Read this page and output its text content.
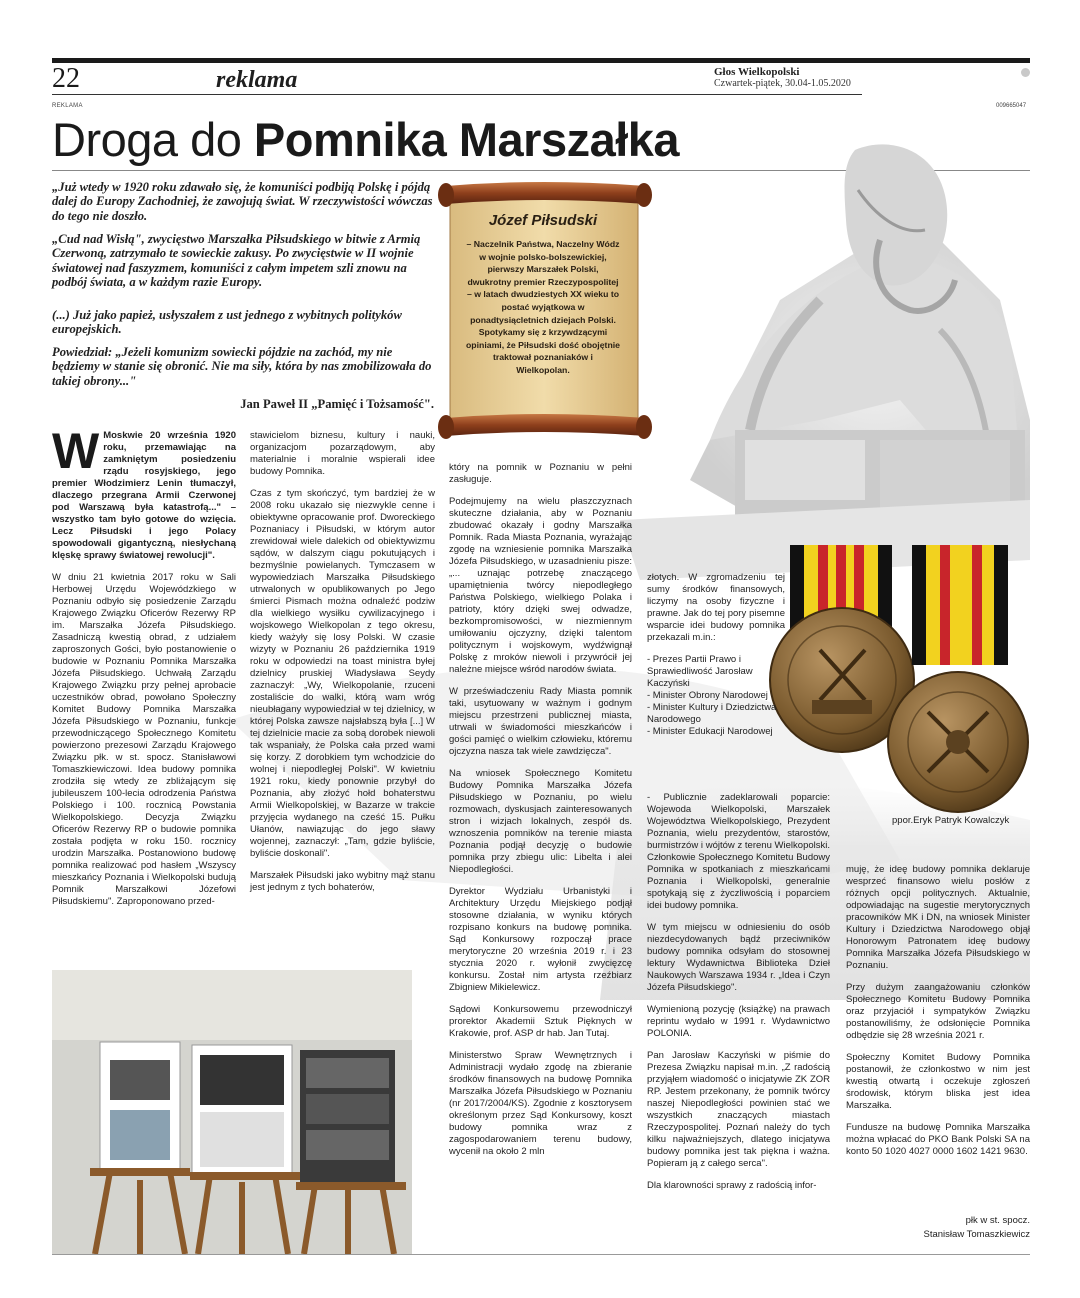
22	reklama	Głos Wielkopolski
Czwartek-piątek, 30.04-1.05.2020
REKLAMA	009665047
Droga do Pomnika Marszałka
„Już wtedy w 1920 roku zdawało się, że komuniści podbiją Polskę i pójdą dalej do Europy Zachodniej, że zawojują świat. W rzeczywistości wówczas do tego nie doszło.
„Cud nad Wisłą", zwycięstwo Marszałka Piłsudskiego w bitwie z Armią Czerwoną, zatrzymało te sowieckie zakusy. Po zwycięstwie w II wojnie światowej nad faszyzmem, komuniści z całym impetem szli znowu na podbój świata, a w każdym razie Europy.
(...) Już jako papież, usłyszałem z ust jednego z wybitnych polityków europejskich.
Powiedział: „Jeżeli komunizm sowiecki pójdzie na zachód, my nie będziemy w stanie się obronić. Nie ma siły, która by nas zmobilizowała do takiej obrony..."
Jan Paweł II „Pamięć i Tożsamość".
Józef Piłsudski
– Naczelnik Państwa, Naczelny Wódz w wojnie polsko-bolszewickiej, pierwszy Marszałek Polski, dwukrotny premier Rzeczypospolitej – w latach dwudziestych XX wieku to postać wyjątkowa w ponadtysiącletnich dziejach Polski. Spotykamy się z krzywdzącymi opiniami, że Piłsudski dość obojętnie traktował poznaniaków i Wielkopolan.

W Moskwie 20 września 1920 roku, przemawiając na zamkniętym posiedzeniu rządu rosyjskiego, jego premier Włodzimierz Lenin tłumaczył, dlaczego przegrana Armii Czerwonej pod Warszawą była katastrofą..." – wszystko tam było gotowe do wzięcia. Lecz Piłsudski i jego Polacy spowodowali gigantyczną, niesłychaną klęskę sprawy światowej rewolucji".

W dniu 21 kwietnia 2017 roku w Sali Herbowej Urzędu Wojewódzkiego w Poznaniu odbyło się posiedzenie Zarządu Krajowego Związku Oficerów Rezerwy RP im. Marszałka Józefa Piłsudskiego. Zasadniczą kwestią obrad, z udziałem zaproszonych Gości, było postanowienie o budowie w Poznaniu Pomnika Marszałka Józefa Piłsudskiego. Uchwałą Zarządu Krajowego Związku przy pełnej aprobacie uczestników obrad, powołano Społeczny Komitet Budowy Pomnika Marszałka Józefa Piłsudskiego w Poznaniu, funkcje przewodniczącego Społecznego Komitetu powierzono prezesowi Zarządu Krajowego Związku płk. w st. spocz. Stanisławowi Tomaszkiewiczowi. Idea budowy pomnika zrodziła się wtedy ze zbliżającym się jubileuszem 100-lecia odrodzenia Państwa Polskiego i 100. rocznicą Powstania Wielkopolskiego. Decyzja Związku Oficerów Rezerwy RP o budowie pomnika została podjęta w roku 150. rocznicy urodzin Marszałka. Postanowiono budowę pomnika realizować pod hasłem „Wszyscy mieszkańcy Poznania i Wielkopolski budują Pomnik Marszałkowi Józefowi Piłsudskiemu". Zaproponowano przed-

stawicielom biznesu, kultury i nauki, organizacjom pozarządowym, aby materialnie i moralnie wspierali idee budowy Pomnika.

Czas z tym skończyć, tym bardziej że w 2008 roku ukazało się niezwykle cenne i obiektywne opracowanie prof. Dworeckiego Poznaniacy i Piłsudski, w którym autor zrewidował wiele dalekich od obiektywizmu sądów, w dalszym ciągu pokutujących i bezmyślnie powielanych. Tymczasem w wypowiedziach Marszałka Piłsudskiego utrwalonych w opublikowanych po Jego śmierci Pismach można odnaleźć podziw dla wielkiego wysiłku cywilizacyjnego i wojskowego Wielkopolan z tego okresu, kiedy ważyły się losy Polski. W czasie wizyty w Poznaniu 26 października 1919 roku w odpowiedzi na toast ministra byłej dzielnicy pruskiej Władysława Seydy zaznaczył: „Wy, Wielkopolanie, rzuceni zostaliście do walki, którą wam wróg nieubłagany wypowiedział w tej dzielnicy, w której Polska zawsze najsłabszą była [...] W tej dzielnicie macie za sobą dorobek niewoli tak wspaniały, że Polska cała przed wami się korzy. Z dorobkiem tym wchodzicie do wolnej i niepodległej Polski". W kwietniu 1921 roku, kiedy ponownie przybył do Poznania, aby złożyć hołd bohaterstwu Armii Wielkopolskiej, w Bazarze w trakcie przyjęcia wydanego na cześć 15. Pułku Ułanów, nawiązując do jego sławy wojennej, zaznaczył: „Tam, gdzie byliście, byliście doskonali".

Marszałek Piłsudski jako wybitny mąż stanu jest jednym z tych bohaterów,

który na pomnik w Poznaniu w pełni zasługuje.

Podejmujemy na wielu płaszczyznach skuteczne działania, aby w Poznaniu zbudować okazały i godny Marszałka Pomnik. Rada Miasta Poznania, wyrażając zgodę na wzniesienie pomnika Marszałka Józefa Piłsudskiego, w uzasadnieniu pisze: „... uznając potrzebę znaczącego upamiętnienia twórcy niepodległego Państwa Polskiego, wielkiego Polaka i patrioty, który dzięki swej odwadze, bezkompromisowości, w niezmiennym umiłowaniu ojczyzny, dzięki talentom politycznym i wojskowym, wydźwignął Polskę z mroków niewoli i przywrócił jej należne miejsce wśród narodów świata.

W przeświadczeniu Rady Miasta pomnik taki, usytuowany w ważnym i godnym miejscu przestrzeni publicznej miasta, utrwali w świadomości mieszkańców i gości pamięć o wielkim człowieku, któremu ojczyzna nasza tak wiele zawdzięcza".

Na wniosek Społecznego Komitetu Budowy Pomnika Marszałka Józefa Piłsudskiego w Poznaniu, po wielu rozmowach, dyskusjach zainteresowanych stron i wizjach lokalnych, zespół ds. wznoszenia pomników na terenie miasta Poznania podjął decyzję o budowie pomnika przy zbiegu ulic: Libelta i alei Niepodległości.

Dyrektor Wydziału Urbanistyki i Architektury Urzędu Miejskiego podjął stosowne działania, w wyniku których rozpisano konkurs na budowę pomnika. Sąd Konkursowy rozpoczął prace merytoryczne 20 września 2019 r. i 23 stycznia 2020 r. wyłonił zwycięzcę konkursu. Został nim artysta rzeźbiarz Zbigniew Mikielewicz.

Sądowi Konkursowemu przewodniczył prorektor Akademii Sztuk Pięknych w Krakowie, prof. ASP dr hab. Jan Tutaj.

Ministerstwo Spraw Wewnętrznych i Administracji wydało zgodę na zbieranie środków finansowych na budowę Pomnika Marszałka Józefa Piłsudskiego w Poznaniu (nr 2017/2004/KS). Zgodnie z kosztorysem określonym przez Sąd Konkursowy, koszt budowy pomnika wraz z zagospodarowaniem terenu budowy, wycenił na około 2 mln

złotych. W zgromadzeniu tej sumy środków finansowych, liczymy na osoby fizyczne i prawne. Jak do tej pory pisemne wsparcie idei budowy pomnika przekazali m.in.:

- Prezes Partii Prawo i Sprawiedliwość Jarosław Kaczyński
- Minister Obrony Narodowej
- Minister Kultury i Dziedzictwa Narodowego
- Minister Edukacji Narodowej

- Publicznie zadeklarowali poparcie: Wojewoda Wielkopolski, Marszałek Województwa Wielkopolskiego, Prezydent Poznania, wielu prezydentów, starostów, burmistrzów i wójtów z terenu Wielkopolski. Członkowie Społecznego Komitetu Budowy Pomnika w spotkaniach z mieszkańcami Poznania i Wielkopolski, generalnie spotykają się z życzliwością i poparciem idei budowy pomnika.

W tym miejscu w odniesieniu do osób niezdecydowanych bądź przeciwników budowy pomnika odsyłam do stosownej lektury Wydawnictwa Biblioteka Dzieł Naukowych Warszawa 1934 r. „Idea i Czyn Józefa Piłsudskiego".

Wymienioną pozycję (książkę) na prawach reprintu wydało w 1991 r. Wydawnictwo POLONIA.

Pan Jarosław Kaczyński w piśmie do Prezesa Związku napisał m.in. „Z radością przyjąłem wiadomość o inicjatywie ZK ZOR RP. Jestem przekonany, że pomnik twórcy naszej Niepodległości powinien stać we wszystkich znaczących miastach Rzeczypospolitej. Poznań należy do tych kilku najważniejszych, dlatego inicjatywa budowy pomnika jest tak piękna i ważna. Popieram ją z całego serca".

Dla klarowności sprawy z radością infor-

muję, że ideę budowy pomnika deklaruje wesprzeć finansowo wielu posłów z różnych opcji politycznych. Aktualnie, odpowiadając na sugestie merytorycznych pracowników MK i DN, na wniosek Minister Kultury i Dziedzictwa Narodowego objął Honorowym Patronatem ideę budowy Pomnika Marszałka Józefa Piłsudskiego w Poznaniu.

Przy dużym zaangażowaniu członków Społecznego Komitetu Budowy Pomnika oraz przyjaciół i sympatyków Związku postanowiliśmy, że odsłonięcie Pomnika odbędzie się 28 września 2021 r.

Społeczny Komitet Budowy Pomnika postanowił, że członkostwo w nim jest kwestią otwartą i oczekuje zgłoszeń środowisk, którym bliska jest idea Marszałka.

Fundusze na budowę Pomnika Marszałka można wpłacać do PKO Bank Polski SA na konto 50 1020 4027 0000 1602 1421 9630.

ppor.Eryk Patryk Kowalczyk
płk w st. spocz.
Stanisław Tomaszkiewicz
